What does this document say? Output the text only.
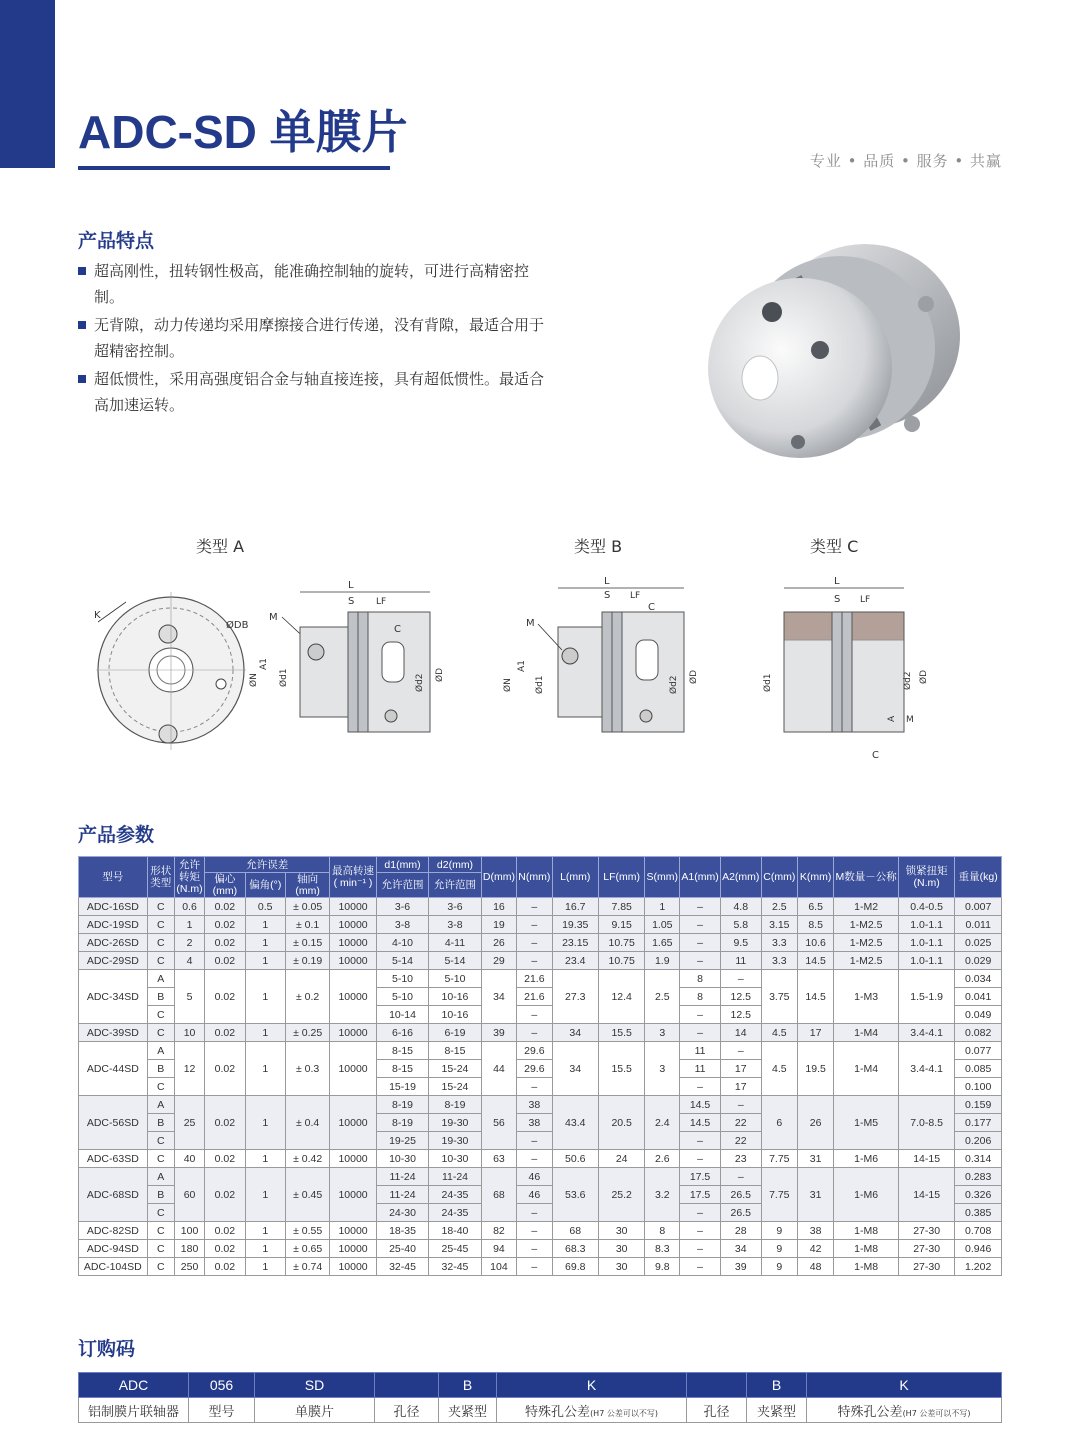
ADC-SD 单膜片
专业 • 品质 • 服务 • 共赢
产品特点
超高刚性，扭转钢性极高，能准确控制轴的旋转，可进行高精密控制。
无背隙，动力传递均采用摩擦接合进行传递，没有背隙，最适合用于超精密控制。
超低惯性，采用高强度铝合金与轴直接连接，具有超低惯性。最适合高加速运转。
类型 A	类型 B	类型 C
K
ØDB
M
L
S LF
C
A1
ØN Ød1	Ød2 ØD
L
S LF
C
M
A1
ØN Ød1	Ød2 ØD
L
S LF
Ød1	Ød2 ØD
A M
C
产品参数
型号	形状类型	允许转矩(N.m)	允许误差			最高转速( min⁻¹ )	d1(mm)	d2(mm)	D(mm)	N(mm)	L(mm)	LF(mm)	S(mm)	A1(mm)	A2(mm)	C(mm)	K(mm)	M数量－公称	锁紧扭矩(N.m)	重量(kg)
			偏心(mm)	偏角(°)	轴向(mm)		允许范围	允许范围												
ADC-16SD	C	0.6	0.02	0.5	± 0.05	10000	3-6	3-6	16	–	16.7	7.85	1	–	4.8	2.5	6.5	1-M2	0.4-0.5	0.007
ADC-19SD	C	1	0.02	1	± 0.1	10000	3-8	3-8	19	–	19.35	9.15	1.05	–	5.8	3.15	8.5	1-M2.5	1.0-1.1	0.011
ADC-26SD	C	2	0.02	1	± 0.15	10000	4-10	4-11	26	–	23.15	10.75	1.65	–	9.5	3.3	10.6	1-M2.5	1.0-1.1	0.025
ADC-29SD	C	4	0.02	1	± 0.19	10000	5-14	5-14	29	–	23.4	10.75	1.9	–	11	3.3	14.5	1-M2.5	1.0-1.1	0.029
ADC-34SD	A	5	0.02	1	± 0.2	10000	5-10	5-10	34	21.6	27.3	12.4	2.5	8	–	3.75	14.5	1-M3	1.5-1.9	0.034
	B						5-10	10-16		21.6				8	12.5					0.041
	C						10-14	10-16		–				–	12.5					0.049
ADC-39SD	C	10	0.02	1	± 0.25	10000	6-16	6-19	39	–	34	15.5	3	–	14	4.5	17	1-M4	3.4-4.1	0.082
ADC-44SD	A	12	0.02	1	± 0.3	10000	8-15	8-15	44	29.6	34	15.5	3	11	–	4.5	19.5	1-M4	3.4-4.1	0.077
	B						8-15	15-24		29.6				11	17					0.085
	C						15-19	15-24		–				–	17					0.100
ADC-56SD	A	25	0.02	1	± 0.4	10000	8-19	8-19	56	38	43.4	20.5	2.4	14.5	–	6	26	1-M5	7.0-8.5	0.159
	B						8-19	19-30		38				14.5	22					0.177
	C						19-25	19-30		–				–	22					0.206
ADC-63SD	C	40	0.02	1	± 0.42	10000	10-30	10-30	63	–	50.6	24	2.6	–	23	7.75	31	1-M6	14-15	0.314
ADC-68SD	A	60	0.02	1	± 0.45	10000	11-24	11-24	68	46	53.6	25.2	3.2	17.5	–	7.75	31	1-M6	14-15	0.283
	B						11-24	24-35		46				17.5	26.5					0.326
	C						24-30	24-35		–				–	26.5					0.385
ADC-82SD	C	100	0.02	1	± 0.55	10000	18-35	18-40	82	–	68	30	8	–	28	9	38	1-M8	27-30	0.708
ADC-94SD	C	180	0.02	1	± 0.65	10000	25-40	25-45	94	–	68.3	30	8.3	–	34	9	42	1-M8	27-30	0.946
ADC-104SD	C	250	0.02	1	± 0.74	10000	32-45	32-45	104	–	69.8	30	9.8	–	39	9	48	1-M8	27-30	1.202
订购码
ADC	056	SD		B	K		B	K
铝制膜片联轴器	型号	单膜片	孔径	夹紧型	特殊孔公差(H7 公差可以不写)	孔径	夹紧型	特殊孔公差(H7 公差可以不写)
